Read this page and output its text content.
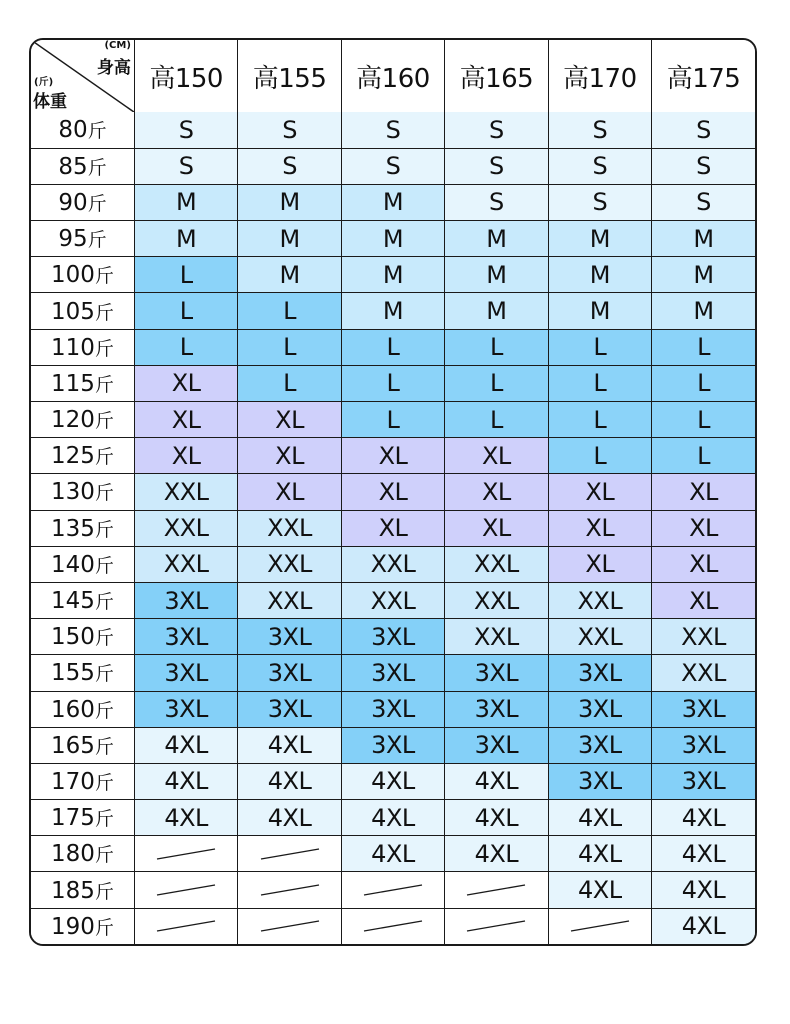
(CM)
身高
(斤)
体重	高150	高155	高160	高165	高170	高175
80斤	S	S	S	S	S	S
85斤	S	S	S	S	S	S
90斤	M	M	M	S	S	S
95斤	M	M	M	M	M	M
100斤	L	M	M	M	M	M
105斤	L	L	M	M	M	M
110斤	L	L	L	L	L	L
115斤	XL	L	L	L	L	L
120斤	XL	XL	L	L	L	L
125斤	XL	XL	XL	XL	L	L
130斤	XXL	XL	XL	XL	XL	XL
135斤	XXL	XXL	XL	XL	XL	XL
140斤	XXL	XXL	XXL	XXL	XL	XL
145斤	3XL	XXL	XXL	XXL	XXL	XL
150斤	3XL	3XL	3XL	XXL	XXL	XXL
155斤	3XL	3XL	3XL	3XL	3XL	XXL
160斤	3XL	3XL	3XL	3XL	3XL	3XL
165斤	4XL	4XL	3XL	3XL	3XL	3XL
170斤	4XL	4XL	4XL	4XL	3XL	3XL
175斤	4XL	4XL	4XL	4XL	4XL	4XL
180斤			4XL	4XL	4XL	4XL
185斤					4XL	4XL
190斤						4XL
